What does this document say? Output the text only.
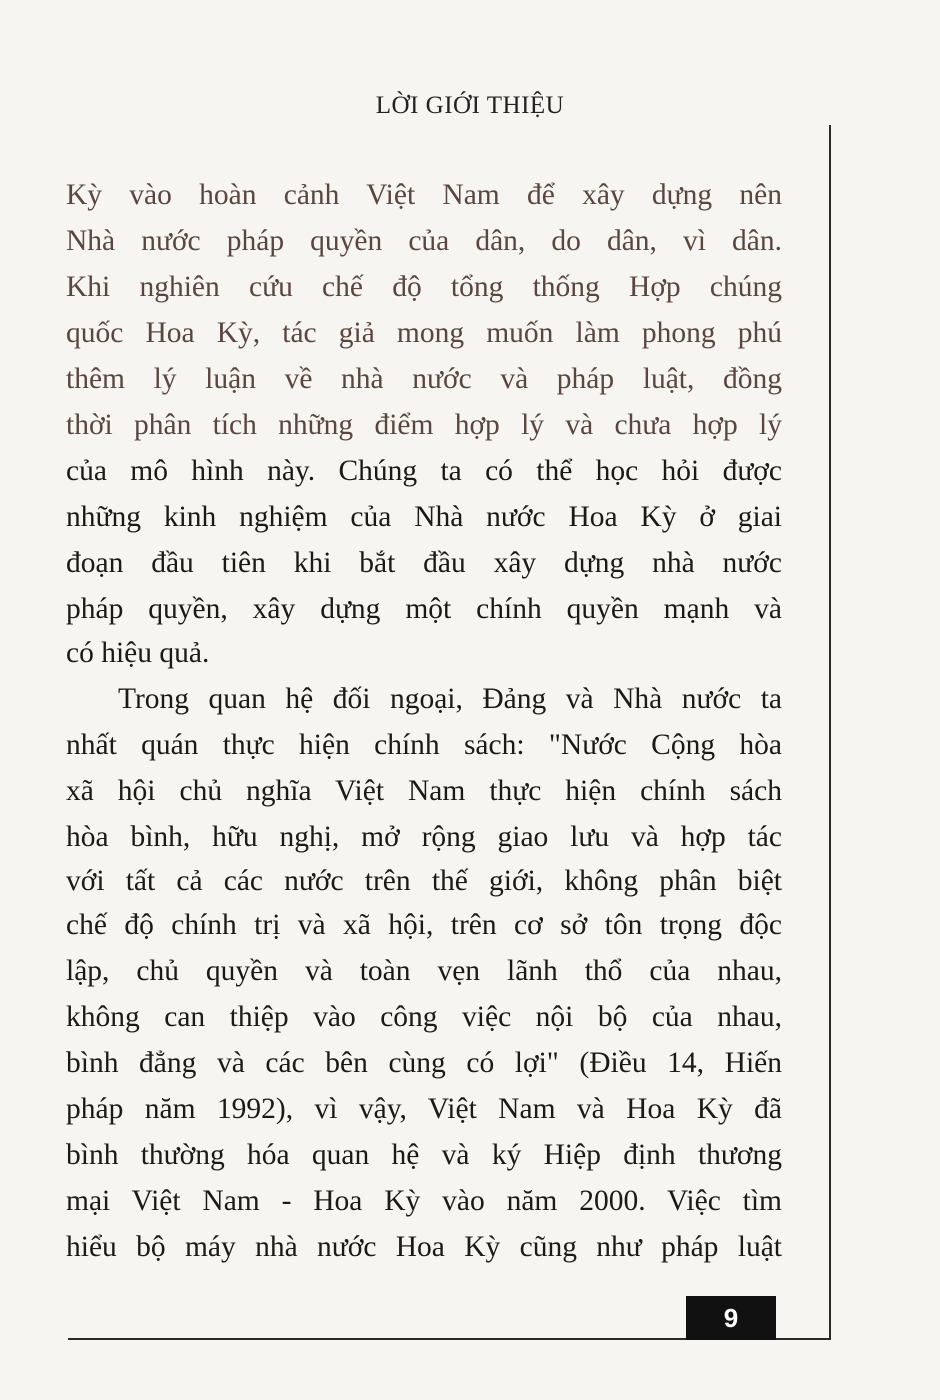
LỜI GIỚI THIỆU
Kỳ vào hoàn cảnh Việt Nam để xây dựng nên
Nhà nước pháp quyền của dân, do dân, vì dân.
Khi nghiên cứu chế độ tổng thống Hợp chúng
quốc Hoa Kỳ, tác giả mong muốn làm phong phú
thêm lý luận về nhà nước và pháp luật, đồng
thời phân tích những điểm hợp lý và chưa hợp lý
của mô hình này. Chúng ta có thể học hỏi được
những kinh nghiệm của Nhà nước Hoa Kỳ ở giai
đoạn đầu tiên khi bắt đầu xây dựng nhà nước
pháp quyền, xây dựng một chính quyền mạnh và
có hiệu quả.
Trong quan hệ đối ngoại, Đảng và Nhà nước ta
nhất quán thực hiện chính sách: "Nước Cộng hòa
xã hội chủ nghĩa Việt Nam thực hiện chính sách
hòa bình, hữu nghị, mở rộng giao lưu và hợp tác
với tất cả các nước trên thế giới, không phân biệt
chế độ chính trị và xã hội, trên cơ sở tôn trọng độc
lập, chủ quyền và toàn vẹn lãnh thổ của nhau,
không can thiệp vào công việc nội bộ của nhau,
bình đẳng và các bên cùng có lợi" (Điều 14, Hiến
pháp năm 1992), vì vậy, Việt Nam và Hoa Kỳ đã
bình thường hóa quan hệ và ký Hiệp định thương
mại Việt Nam - Hoa Kỳ vào năm 2000. Việc tìm
hiểu bộ máy nhà nước Hoa Kỳ cũng như pháp luật
9
